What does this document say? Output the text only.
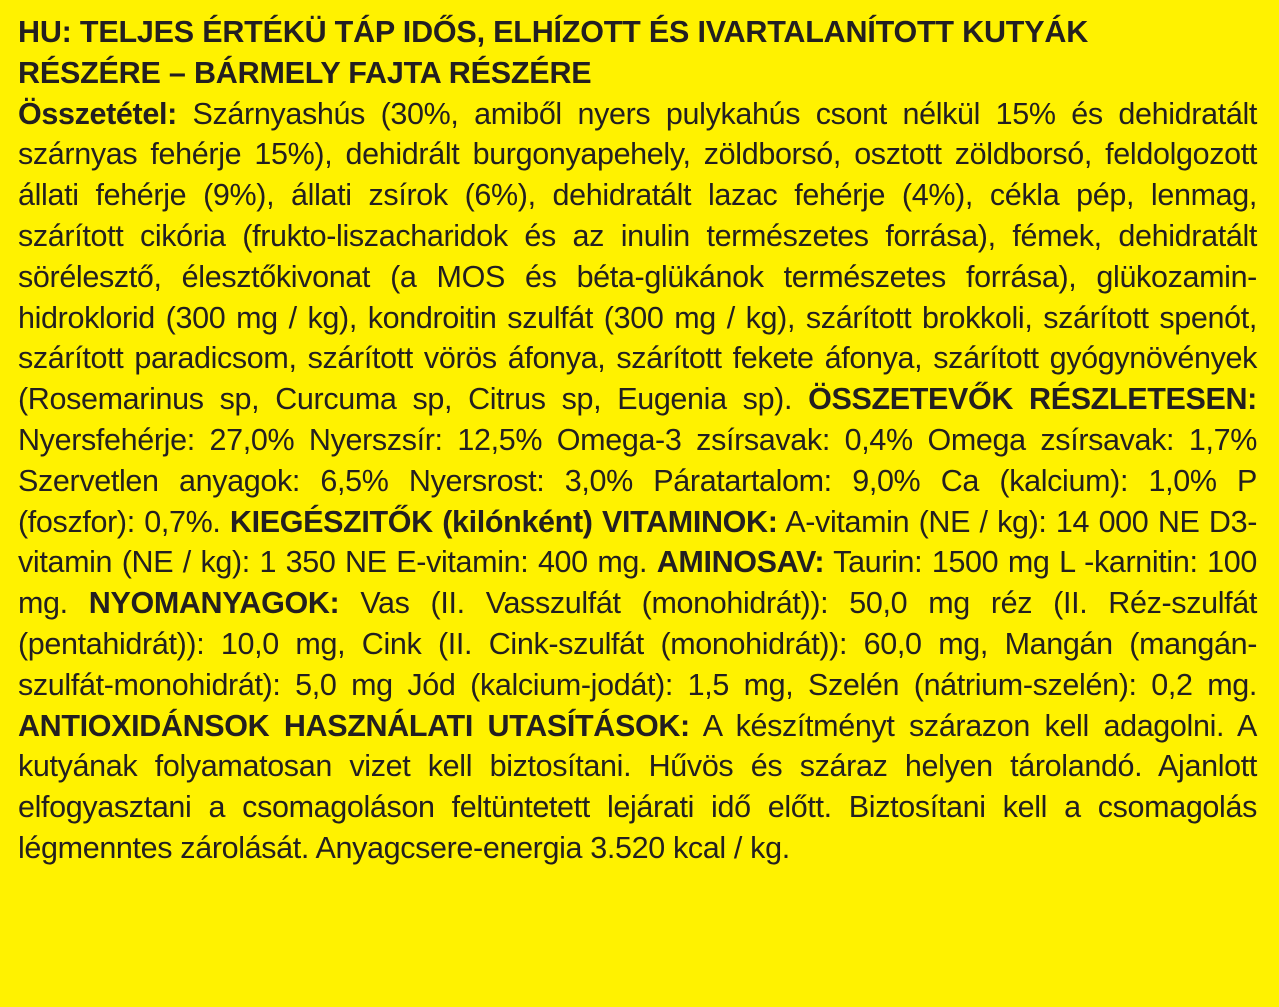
HU: TELJES ÉRTÉKÜ TÁP IDŐS, ELHÍZOTT ÉS IVARTALANÍTOTT KUTYÁK
RÉSZÉRE – BÁRMELY FAJTA RÉSZÉRE
Összetétel: Szárnyashús (30%, amiből nyers pulykahús csont nélkül 15% és dehidratált szárnyas fehérje 15%), dehidrált burgonyapehely, zöldborsó, osztott zöldborsó, feldolgozott állati fehérje (9%), állati zsírok (6%), dehidratált lazac fehérje (4%), cékla pép, lenmag, szárított cikória (frukto-liszacharidok és az inulin természetes forrása), fémek, dehidratált sörélesztő, élesztőkivonat (a MOS és béta-glükánok természetes forrása), glükozamin-hidroklorid (300 mg / kg), kondroitin szulfát (300 mg / kg), szárított brokkoli, szárított spenót, szárított paradicsom, szárított vörös áfonya, szárított fekete áfonya, szárított gyógynövények (Rosemarinus sp, Curcuma sp, Citrus sp, Eugenia sp). ÖSSZETEVŐK RÉSZLETESEN: Nyersfehérje: 27,0% Nyerszsír: 12,5% Omega-3 zsírsavak: 0,4% Omega zsírsavak: 1,7% Szervetlen anyagok: 6,5% Nyersrost: 3,0% Páratartalom: 9,0% Ca (kalcium): 1,0% P (foszfor): 0,7%. KIEGÉSZITŐK (kilónként) VITAMINOK: A-vitamin (NE / kg): 14 000 NE D3-vitamin (NE / kg): 1 350 NE E-vitamin: 400 mg. AMINOSAV: Taurin: 1500 mg L -karnitin: 100 mg. NYOMANYAGOK: Vas (II. Vasszulfát (monohidrát)): 50,0 mg réz (II. Réz-szulfát (pentahidrát)): 10,0 mg, Cink (II. Cink-szulfát (monohidrát)): 60,0 mg, Mangán (mangán-szulfát-monohidrát): 5,0 mg Jód (kalcium-jodát): 1,5 mg, Szelén (nátrium-szelén): 0,2 mg. ANTIOXIDÁNSOK HASZNÁLATI UTASÍTÁSOK: A készítményt szárazon kell adagolni. A kutyának folyamatosan vizet kell biztosítani. Hűvös és száraz helyen tárolandó. Ajanlott elfogyasztani a csomagoláson feltüntetett lejárati idő előtt. Biztosítani kell a csomagolás légmenntes zárolását. Anyagcsere-energia 3.520 kcal / kg.
